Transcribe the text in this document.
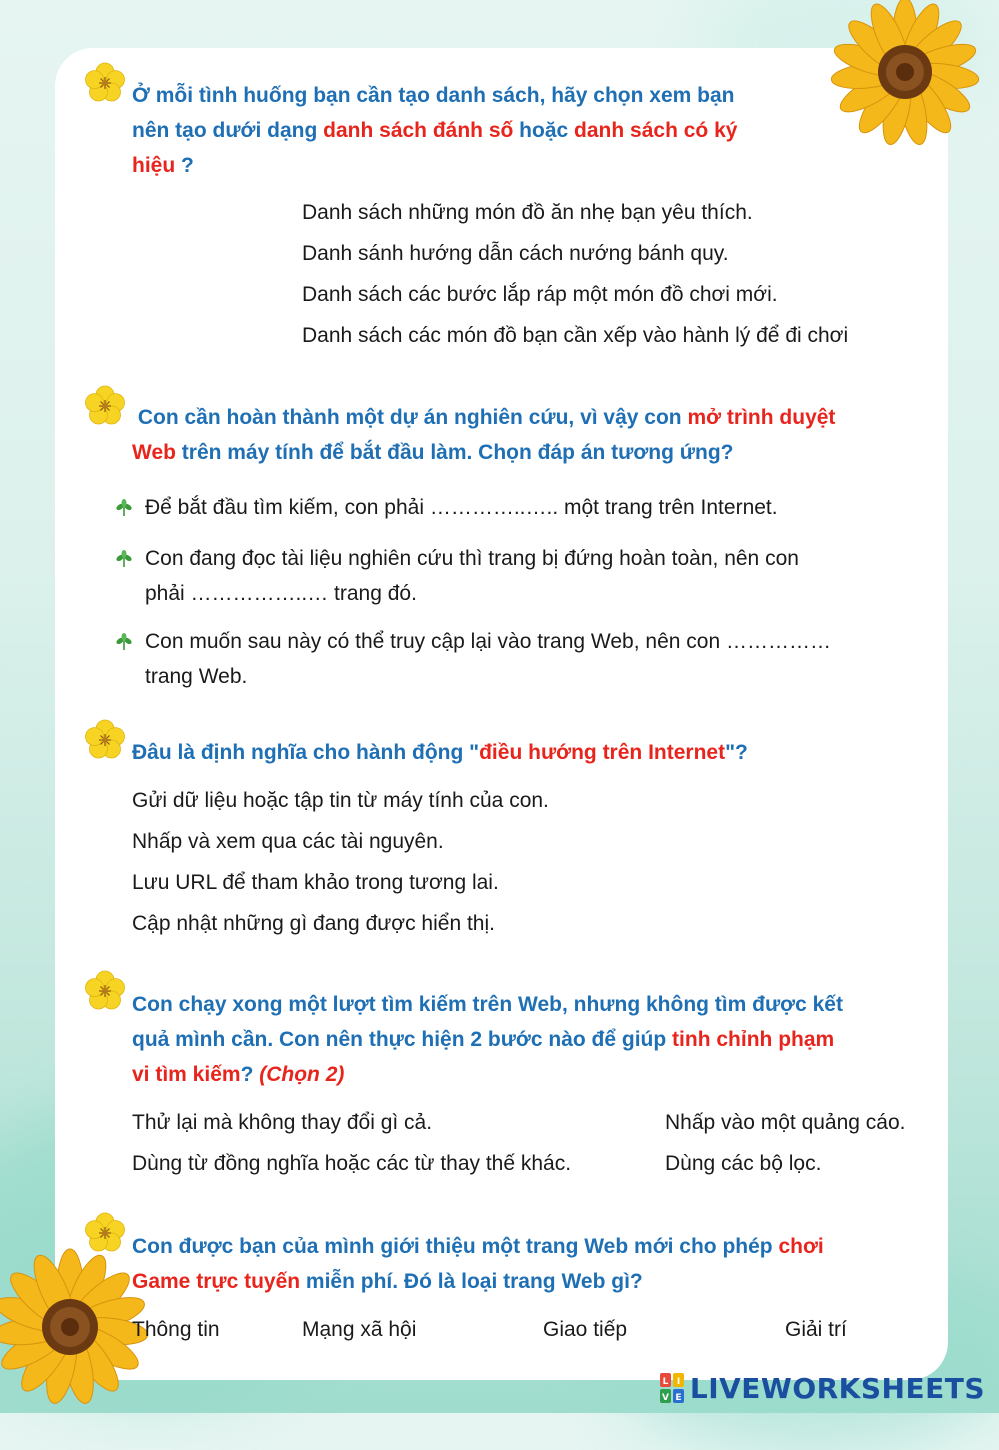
Ở mỗi tình huống bạn cần tạo danh sách, hãy chọn xem bạn
nên tạo dưới dạng danh sách đánh số hoặc danh sách có ký
hiệu ?
Danh sách những món đồ ăn nhẹ bạn yêu thích.
Danh sánh hướng dẫn cách nướng bánh quy.
Danh sách các bước lắp ráp một món đồ chơi mới.
Danh sách các món đồ bạn cần xếp vào hành lý để đi chơi
Con cần hoàn thành một dự án nghiên cứu, vì vậy con mở trình duyệt
Web trên máy tính để bắt đầu làm. Chọn đáp án tương ứng?
Để bắt đầu tìm kiếm, con phải …………..….. một trang trên Internet.
Con đang đọc tài liệu nghiên cứu thì trang bị đứng hoàn toàn, nên con
phải ……………..… trang đó.
Con muốn sau này có thể truy cập lại vào trang Web, nên con ……………
trang Web.
Đâu là định nghĩa cho hành động "điều hướng trên Internet"?
Gửi dữ liệu hoặc tập tin từ máy tính của con.
Nhấp và xem qua các tài nguyên.
Lưu URL để tham khảo trong tương lai.
Cập nhật những gì đang được hiển thị.
Con chạy xong một lượt tìm kiếm trên Web, nhưng không tìm được kết
quả mình cần. Con nên thực hiện 2 bước nào để giúp tinh chỉnh phạm
vi tìm kiếm? (Chọn 2)
Thử lại mà không thay đổi gì cả.	Nhấp vào một quảng cáo.
Dùng từ đồng nghĩa hoặc các từ thay thế khác.	Dùng các bộ lọc.
Con được bạn của mình giới thiệu một trang Web mới cho phép chơi
Game trực tuyến miễn phí. Đó là loại trang Web gì?
Thông tin	Mạng xã hội	Giao tiếp	Giải trí
L I
V E LIVEWORKSHEETS
